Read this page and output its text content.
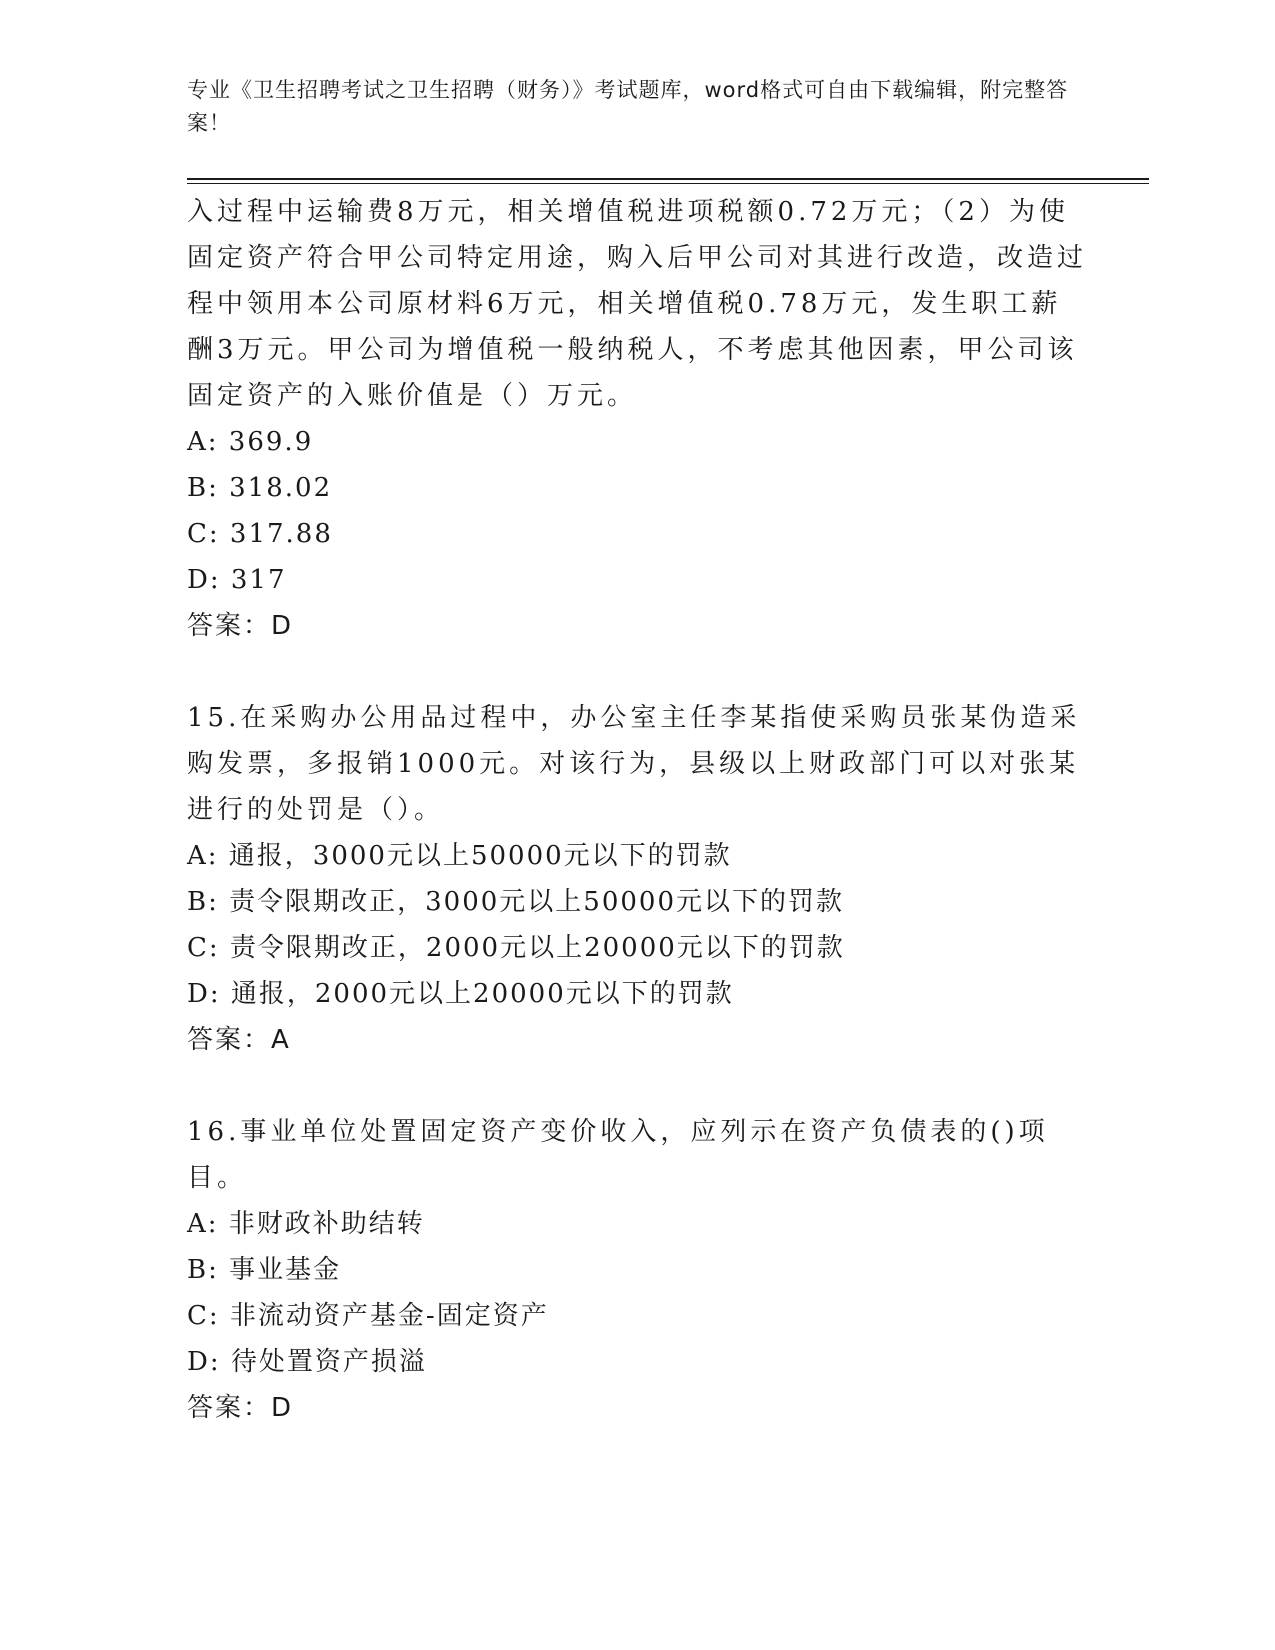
专业《卫生招聘考试之卫生招聘（财务）》考试题库，word格式可自由下载编辑，附完整答案！

入过程中运输费8万元，相关增值税进项税额0.72万元；（2）为使固定资产符合甲公司特定用途，购入后甲公司对其进行改造，改造过程中领用本公司原材料6万元，相关增值税0.78万元，发生职工薪酬3万元。甲公司为增值税一般纳税人，不考虑其他因素，甲公司该固定资产的入账价值是（）万元。

A: 369.9

B: 318.02

C: 317.88

D: 317

答案：D

15.在采购办公用品过程中，办公室主任李某指使采购员张某伪造采购发票，多报销1000元。对该行为，县级以上财政部门可以对张某进行的处罚是（）。

A: 通报，3000元以上50000元以下的罚款

B: 责令限期改正，3000元以上50000元以下的罚款

C: 责令限期改正，2000元以上20000元以下的罚款

D: 通报，2000元以上20000元以下的罚款

答案：A

16.事业单位处置固定资产变价收入，应列示在资产负债表的()项目。

A: 非财政补助结转

B: 事业基金

C: 非流动资产基金-固定资产

D: 待处置资产损溢

答案：D
